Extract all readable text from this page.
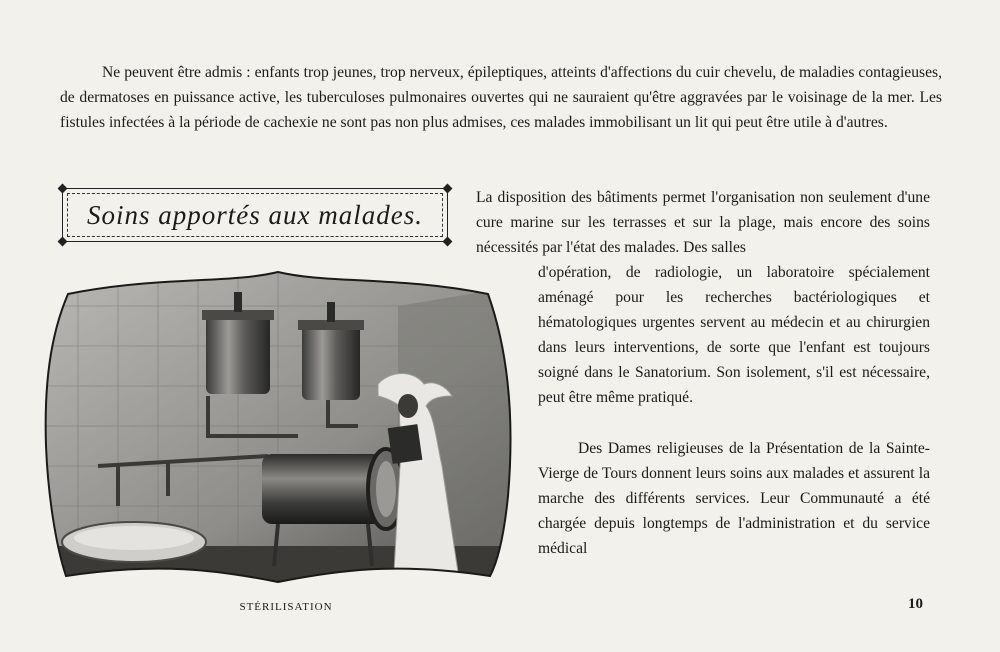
Ne peuvent être admis : enfants trop jeunes, trop nerveux, épileptiques, atteints d'affections du cuir chevelu, de maladies contagieuses, de dermatoses en puissance active, les tuberculoses pulmonaires ouvertes qui ne sauraient qu'être aggravées par le voisinage de la mer. Les fistules infectées à la période de cachexie ne sont pas non plus admises, ces malades immobilisant un lit qui peut être utile à d'autres.

Soins apportés aux malades.
STÉRILISATION

La disposition des bâtiments permet l'organisation non seulement d'une cure marine sur les terrasses et sur la plage, mais encore des soins nécessités par l'état des malades. Des salles

d'opération, de radiologie, un laboratoire spécialement aménagé pour les recherches bactériologiques et hématologiques urgentes servent au médecin et au chirurgien dans leurs interventions, de sorte que l'enfant est toujours soigné dans le Sanatorium. Son isolement, s'il est nécessaire, peut être même pratiqué.

Des Dames religieuses de la Présentation de la Sainte-Vierge de Tours donnent leurs soins aux malades et assurent la marche des différents services. Leur Communauté a été chargée depuis longtemps de l'administration et du service médical

10
